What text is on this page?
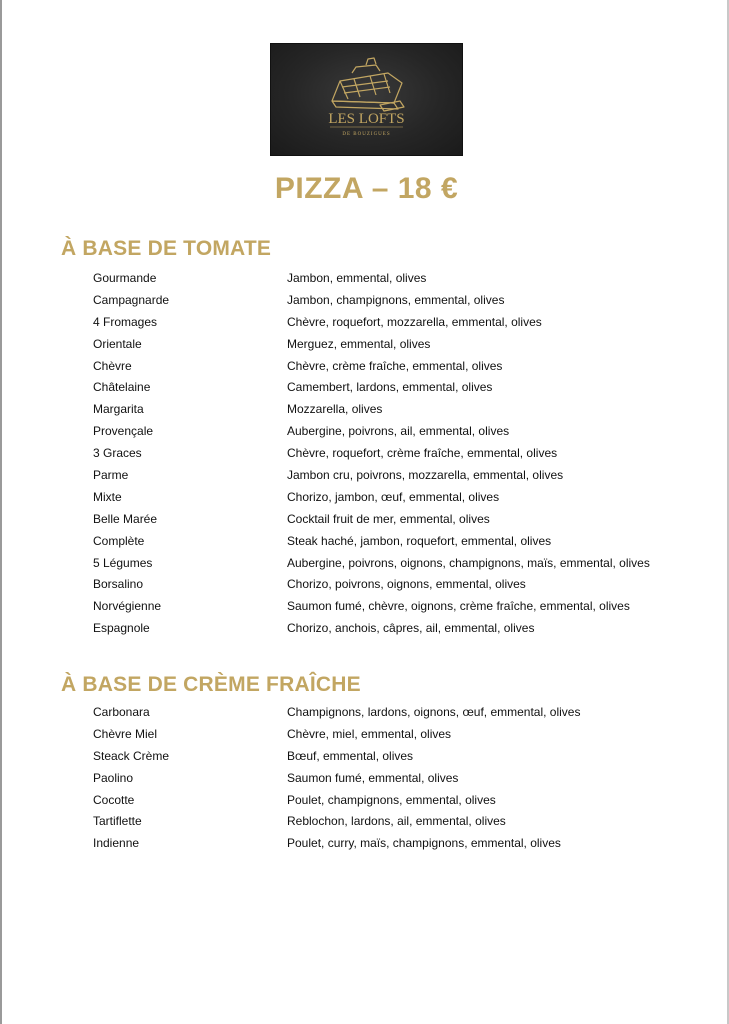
LES LOFTS
DE BOUZIGUES
PIZZA – 18 €
À BASE DE TOMATE
Gourmande	Jambon, emmental, olives
Campagnarde	Jambon, champignons, emmental, olives
4 Fromages	Chèvre, roquefort, mozzarella, emmental, olives
Orientale	Merguez, emmental, olives
Chèvre	Chèvre, crème fraîche, emmental, olives
Châtelaine	Camembert, lardons, emmental, olives
Margarita	Mozzarella, olives
Provençale	Aubergine, poivrons, ail, emmental, olives
3 Graces	Chèvre, roquefort, crème fraîche, emmental, olives
Parme	Jambon cru, poivrons, mozzarella, emmental, olives
Mixte	Chorizo, jambon, œuf, emmental, olives
Belle Marée	Cocktail fruit de mer, emmental, olives
Complète	Steak haché, jambon, roquefort, emmental, olives
5 Légumes	Aubergine, poivrons, oignons, champignons, maïs, emmental, olives
Borsalino	Chorizo, poivrons, oignons, emmental, olives
Norvégienne	Saumon fumé, chèvre, oignons, crème fraîche, emmental, olives
Espagnole	Chorizo, anchois, câpres, ail, emmental, olives
À BASE DE CRÈME FRAÎCHE
Carbonara	Champignons, lardons, oignons, œuf, emmental, olives
Chèvre Miel	Chèvre, miel, emmental, olives
Steack Crème	Bœuf, emmental, olives
Paolino	Saumon fumé, emmental, olives
Cocotte	Poulet, champignons, emmental, olives
Tartiflette	Reblochon, lardons, ail, emmental, olives
Indienne	Poulet, curry, maïs, champignons, emmental, olives
